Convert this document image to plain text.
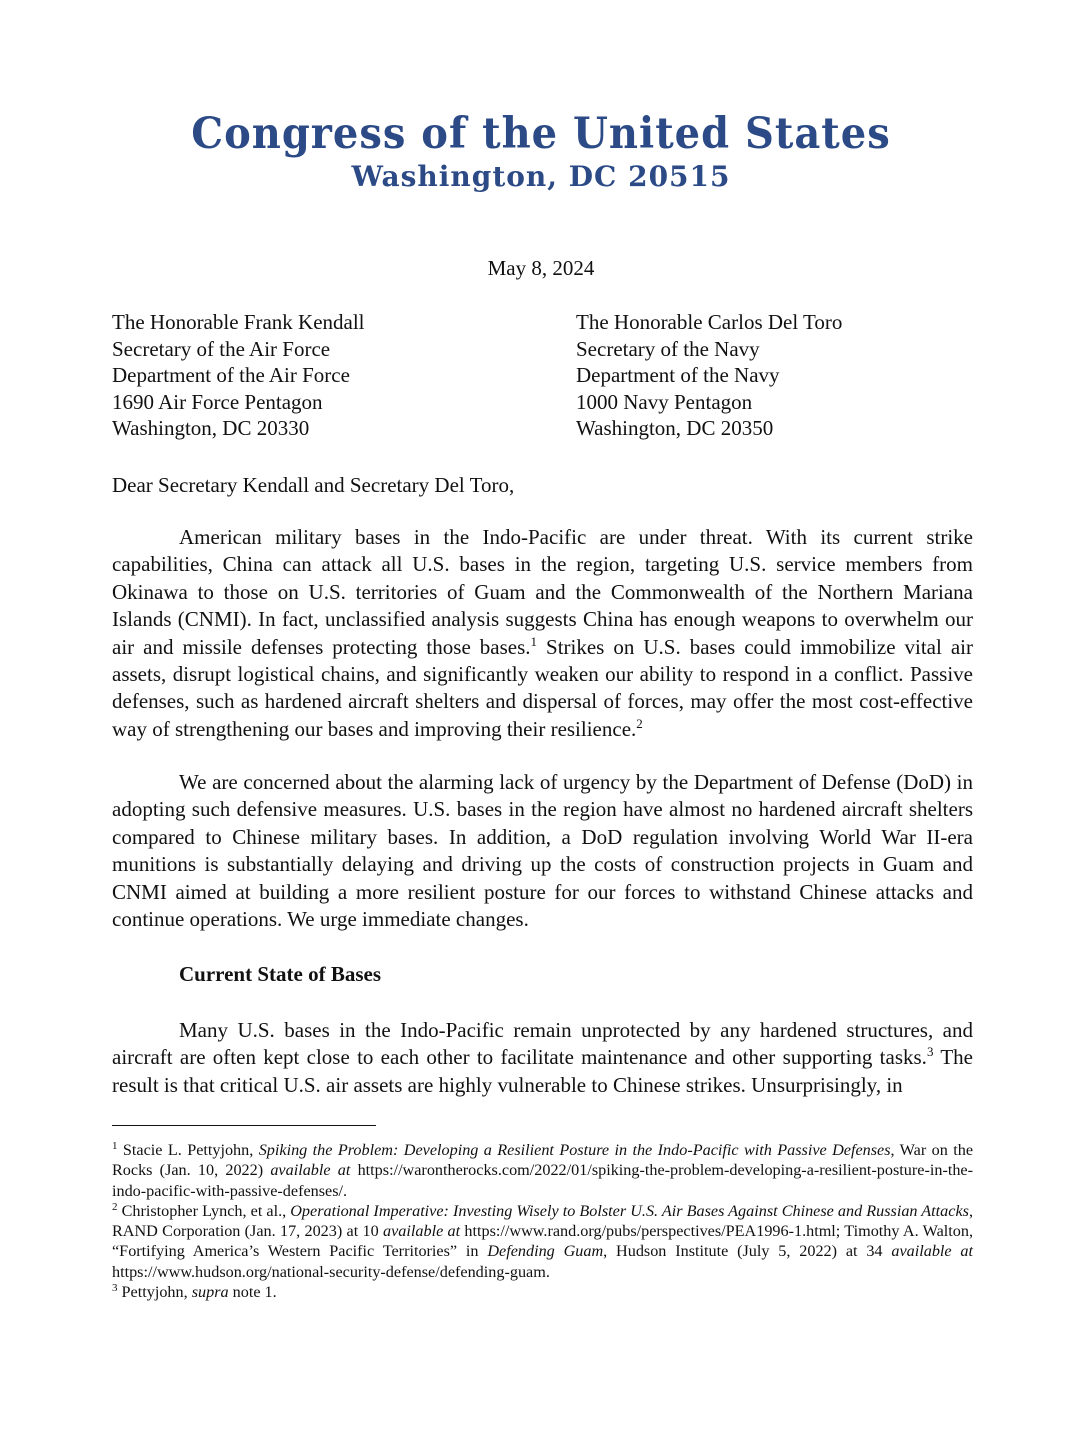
Congress of the United States
Washington, DC 20515
May 8, 2024
The Honorable Frank Kendall
Secretary of the Air Force
Department of the Air Force
1690 Air Force Pentagon
Washington, DC 20330
The Honorable Carlos Del Toro
Secretary of the Navy
Department of the Navy
1000 Navy Pentagon
Washington, DC 20350
Dear Secretary Kendall and Secretary Del Toro,

American military bases in the Indo-Pacific are under threat. With its current strike capabilities, China can attack all U.S. bases in the region, targeting U.S. service members from Okinawa to those on U.S. territories of Guam and the Commonwealth of the Northern Mariana Islands (CNMI). In fact, unclassified analysis suggests China has enough weapons to overwhelm our air and missile defenses protecting those bases.$^1$ Strikes on U.S. bases could immobilize vital air assets, disrupt logistical chains, and significantly weaken our ability to respond in a conflict. Passive defenses, such as hardened aircraft shelters and dispersal of forces, may offer the most cost-effective way of strengthening our bases and improving their resilience.$^2$

We are concerned about the alarming lack of urgency by the Department of Defense (DoD) in adopting such defensive measures. U.S. bases in the region have almost no hardened aircraft shelters compared to Chinese military bases. In addition, a DoD regulation involving World War II-era munitions is substantially delaying and driving up the costs of construction projects in Guam and CNMI aimed at building a more resilient posture for our forces to withstand Chinese attacks and continue operations. We urge immediate changes.

Current State of Bases

Many U.S. bases in the Indo-Pacific remain unprotected by any hardened structures, and aircraft are often kept close to each other to facilitate maintenance and other supporting tasks.$^3$ The result is that critical U.S. air assets are highly vulnerable to Chinese strikes. Unsurprisingly, in

$^1$ Stacie L. Pettyjohn, Spiking the Problem: Developing a Resilient Posture in the Indo-Pacific with Passive Defenses, War on the Rocks (Jan. 10, 2022) available at https://warontherocks.com/2022/01/spiking-the-problem-developing-a-resilient-posture-in-the-indo-pacific-with-passive-defenses/.

$^2$ Christopher Lynch, et al., Operational Imperative: Investing Wisely to Bolster U.S. Air Bases Against Chinese and Russian Attacks, RAND Corporation (Jan. 17, 2023) at 10 available at https://www.rand.org/pubs/perspectives/PEA1996-1.html; Timothy A. Walton, “Fortifying America’s Western Pacific Territories” in Defending Guam, Hudson Institute (July 5, 2022) at 34 available at https://www.hudson.org/national-security-defense/defending-guam.

$^3$ Pettyjohn, supra note 1.
